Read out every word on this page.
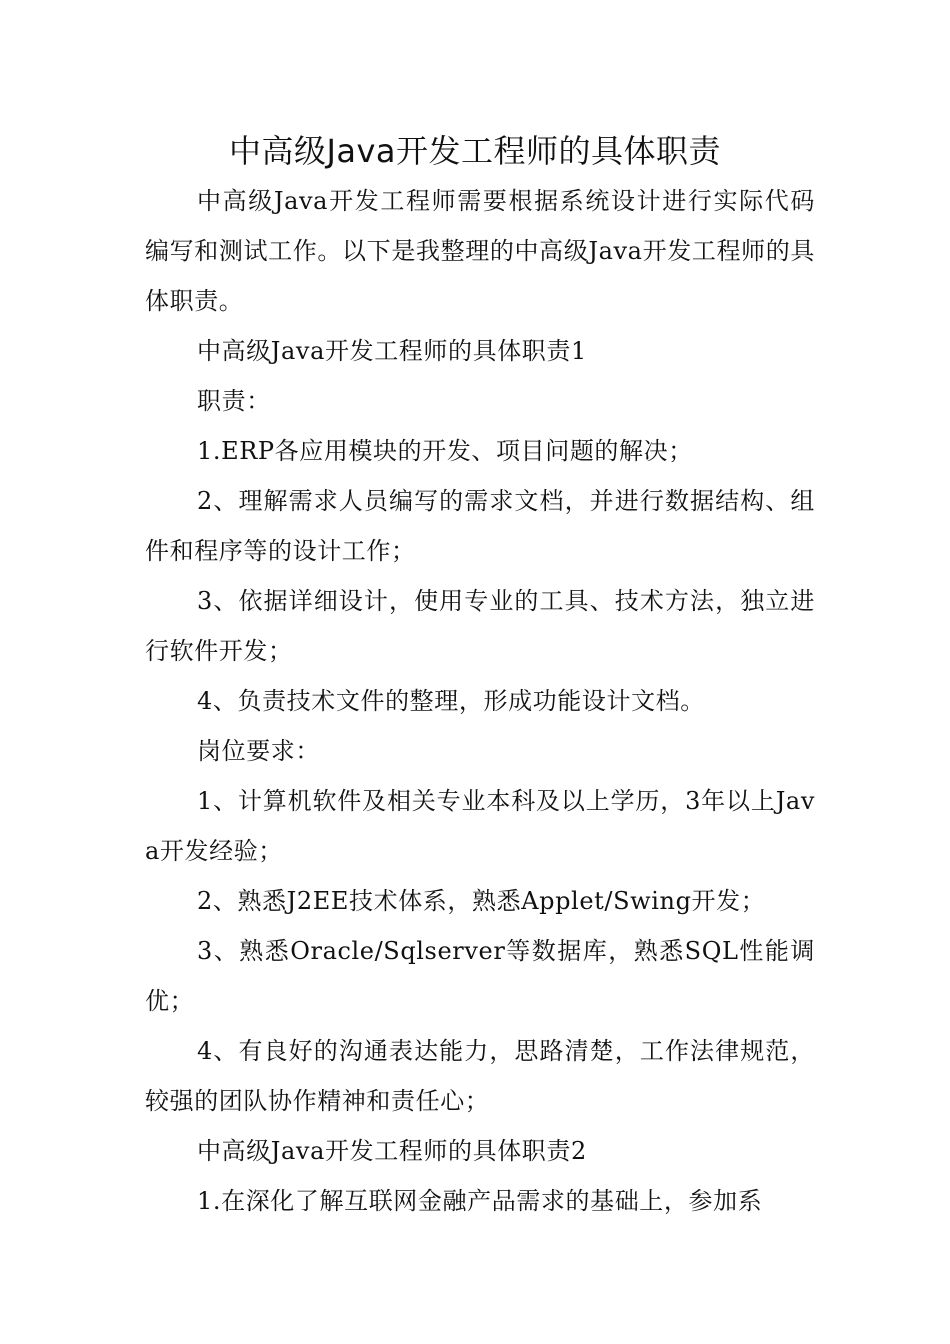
中高级Java开发工程师的具体职责

中高级Java开发工程师需要根据系统设计进行实际代码编写和测试工作。以下是我整理的中高级Java开发工程师的具体职责。

中高级Java开发工程师的具体职责1

职责：

1.ERP各应用模块的开发、项目问题的解决；

2、理解需求人员编写的需求文档，并进行数据结构、组件和程序等的设计工作；

3、依据详细设计，使用专业的工具、技术方法，独立进行软件开发；

4、负责技术文件的整理，形成功能设计文档。

岗位要求：

1、计算机软件及相关专业本科及以上学历，3年以上Java开发经验；

2、熟悉J2EE技术体系，熟悉Applet/Swing开发；

3、熟悉Oracle/Sqlserver等数据库，熟悉SQL性能调优；

4、有良好的沟通表达能力，思路清楚，工作法律规范，较强的团队协作精神和责任心；

中高级Java开发工程师的具体职责2

1.在深化了解互联网金融产品需求的基础上，参加系
